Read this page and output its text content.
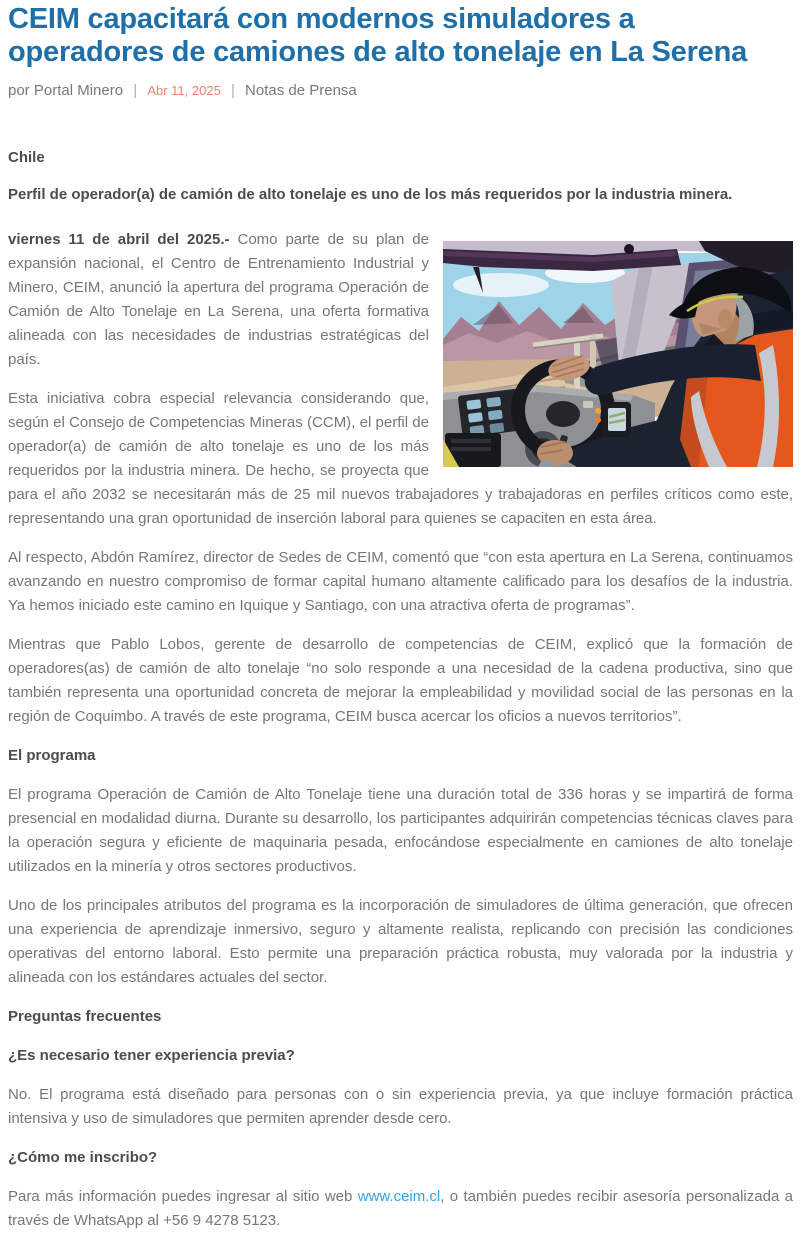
CEIM capacitará con modernos simuladores a
operadores de camiones de alto tonelaje en La Serena
por Portal Minero | Abr 11, 2025 | Notas de Prensa

Chile

Perfil de operador(a) de camión de alto tonelaje es uno de los más requeridos por la industria minera.

viernes 11 de abril del 2025.- Como parte de su plan de expansión nacional, el Centro de Entrenamiento Industrial y Minero, CEIM, anunció la apertura del programa Operación de Camión de Alto Tonelaje en La Serena, una oferta formativa alineada con las necesidades de industrias estratégicas del país.

Esta iniciativa cobra especial relevancia considerando que, según el Consejo de Competencias Mineras (CCM), el perfil de operador(a) de camión de alto tonelaje es uno de los más requeridos por la industria minera. De hecho, se proyecta que para el año 2032 se necesitarán más de 25 mil nuevos trabajadores y trabajadoras en perfiles críticos como este, representando una gran oportunidad de inserción laboral para quienes se capaciten en esta área.

Al respecto, Abdón Ramírez, director de Sedes de CEIM, comentó que “con esta apertura en La Serena, continuamos avanzando en nuestro compromiso de formar capital humano altamente calificado para los desafíos de la industria. Ya hemos iniciado este camino en Iquique y Santiago, con una atractiva oferta de programas”.

Mientras que Pablo Lobos, gerente de desarrollo de competencias de CEIM, explicó que la formación de operadores(as) de camión de alto tonelaje “no solo responde a una necesidad de la cadena productiva, sino que también representa una oportunidad concreta de mejorar la empleabilidad y movilidad social de las personas en la región de Coquimbo. A través de este programa, CEIM busca acercar los oficios a nuevos territorios”.

El programa

El programa Operación de Camión de Alto Tonelaje tiene una duración total de 336 horas y se impartirá de forma presencial en modalidad diurna. Durante su desarrollo, los participantes adquirirán competencias técnicas claves para la operación segura y eficiente de maquinaria pesada, enfocándose especialmente en camiones de alto tonelaje utilizados en la minería y otros sectores productivos.

Uno de los principales atributos del programa es la incorporación de simuladores de última generación, que ofrecen una experiencia de aprendizaje inmersivo, seguro y altamente realista, replicando con precisión las condiciones operativas del entorno laboral. Esto permite una preparación práctica robusta, muy valorada por la industria y alineada con los estándares actuales del sector.

Preguntas frecuentes

¿Es necesario tener experiencia previa?

No. El programa está diseñado para personas con o sin experiencia previa, ya que incluye formación práctica intensiva y uso de simuladores que permiten aprender desde cero.

¿Cómo me inscribo?

Para más información puedes ingresar al sitio web www.ceim.cl, o también puedes recibir asesoría personalizada a través de WhatsApp al +56 9 4278 5123.
